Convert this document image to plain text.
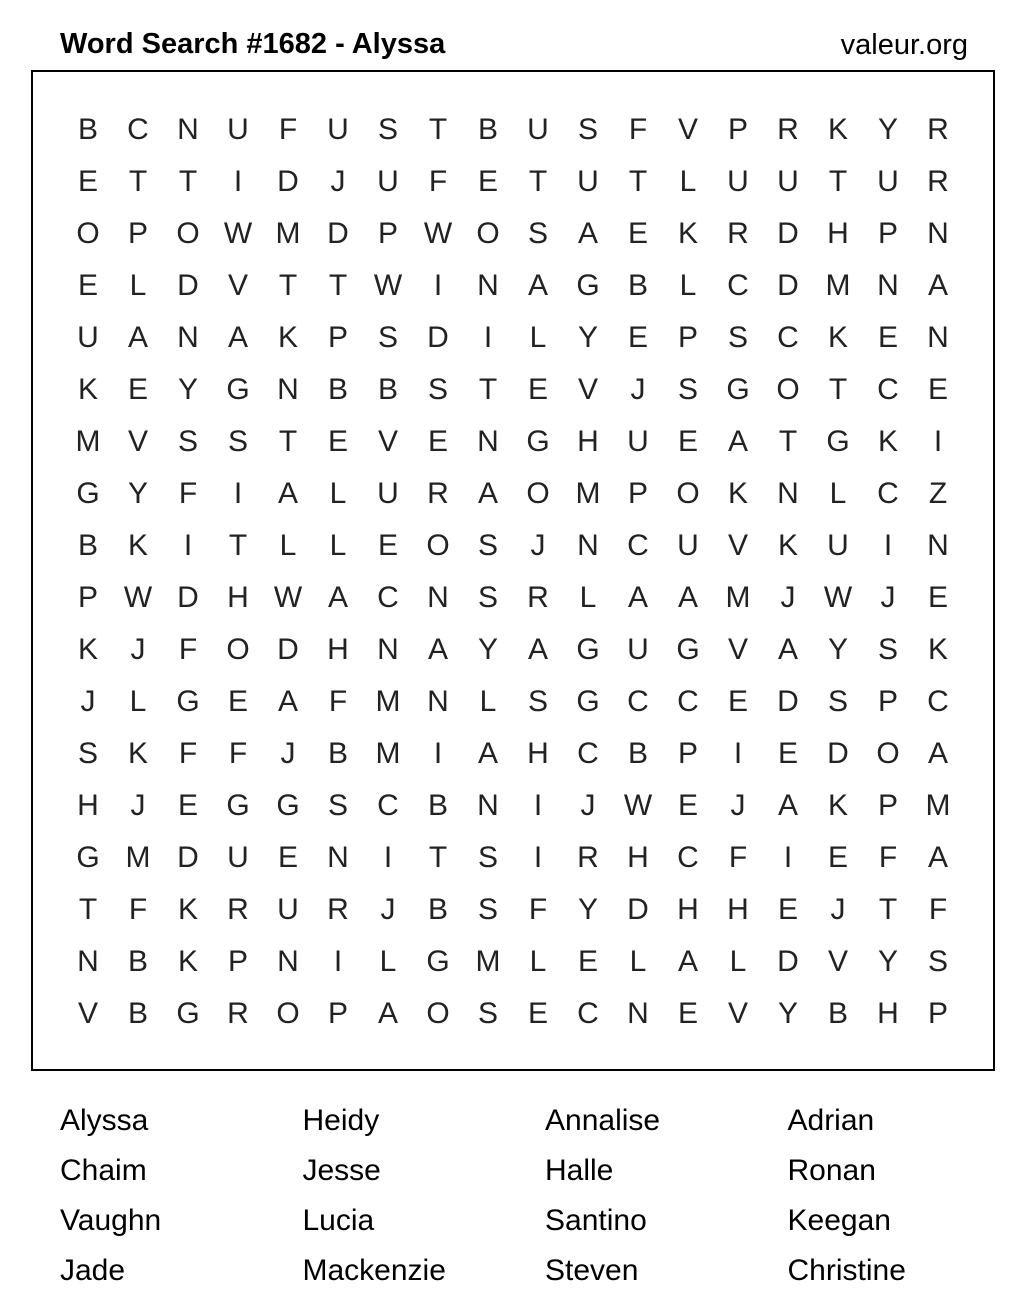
Word Search #1682 - Alyssa	valeur.org
B C N U	F	U S	T	B U S	F	V P R K Y R
E	T	T	I	D	J	U	F	E	T	U	T	L	U U	T	U R
O P O W M D P W O S A E K R D H P N
E	L	D V	T	T W	I	N A G B	L	C D M N A
U A N A K P S D	I	L	Y E P S C K E N
K E Y G N B B S	T	E V	J	S G O T	C E
M V S S	T	E V E N G H U E A	T G K	I
G Y	F	I	A	L	U R A O M P O K N	L	C	Z
B K	I	T	L	L	E O S	J	N C U V K U	I	N
P W D H W A C N S R	L	A A M	J W J	E
K	J	F O D H N A Y A G U G V A Y S K
J	L G E A	F M N	L	S G C C E D S P C
S K	F	F	J	B M	I	A H C B P	I	E D O A
H	J	E G G S C B N	I	J W E	J	A K P M
G M D U E N	I	T	S	I	R H C	F	I	E	F	A
T	F	K R U R	J	B S	F	Y D H H E	J	T	F
N B K P N	I	L G M L	E	L	A	L	D V Y S
V B G R O P A O S E C N E V Y B H P
Alyssa	Heidy	Annalise	Adrian
Chaim	Jesse	Halle	Ronan
Vaughn	Lucia	Santino	Keegan
Jade	Mackenzie	Steven	Christine
